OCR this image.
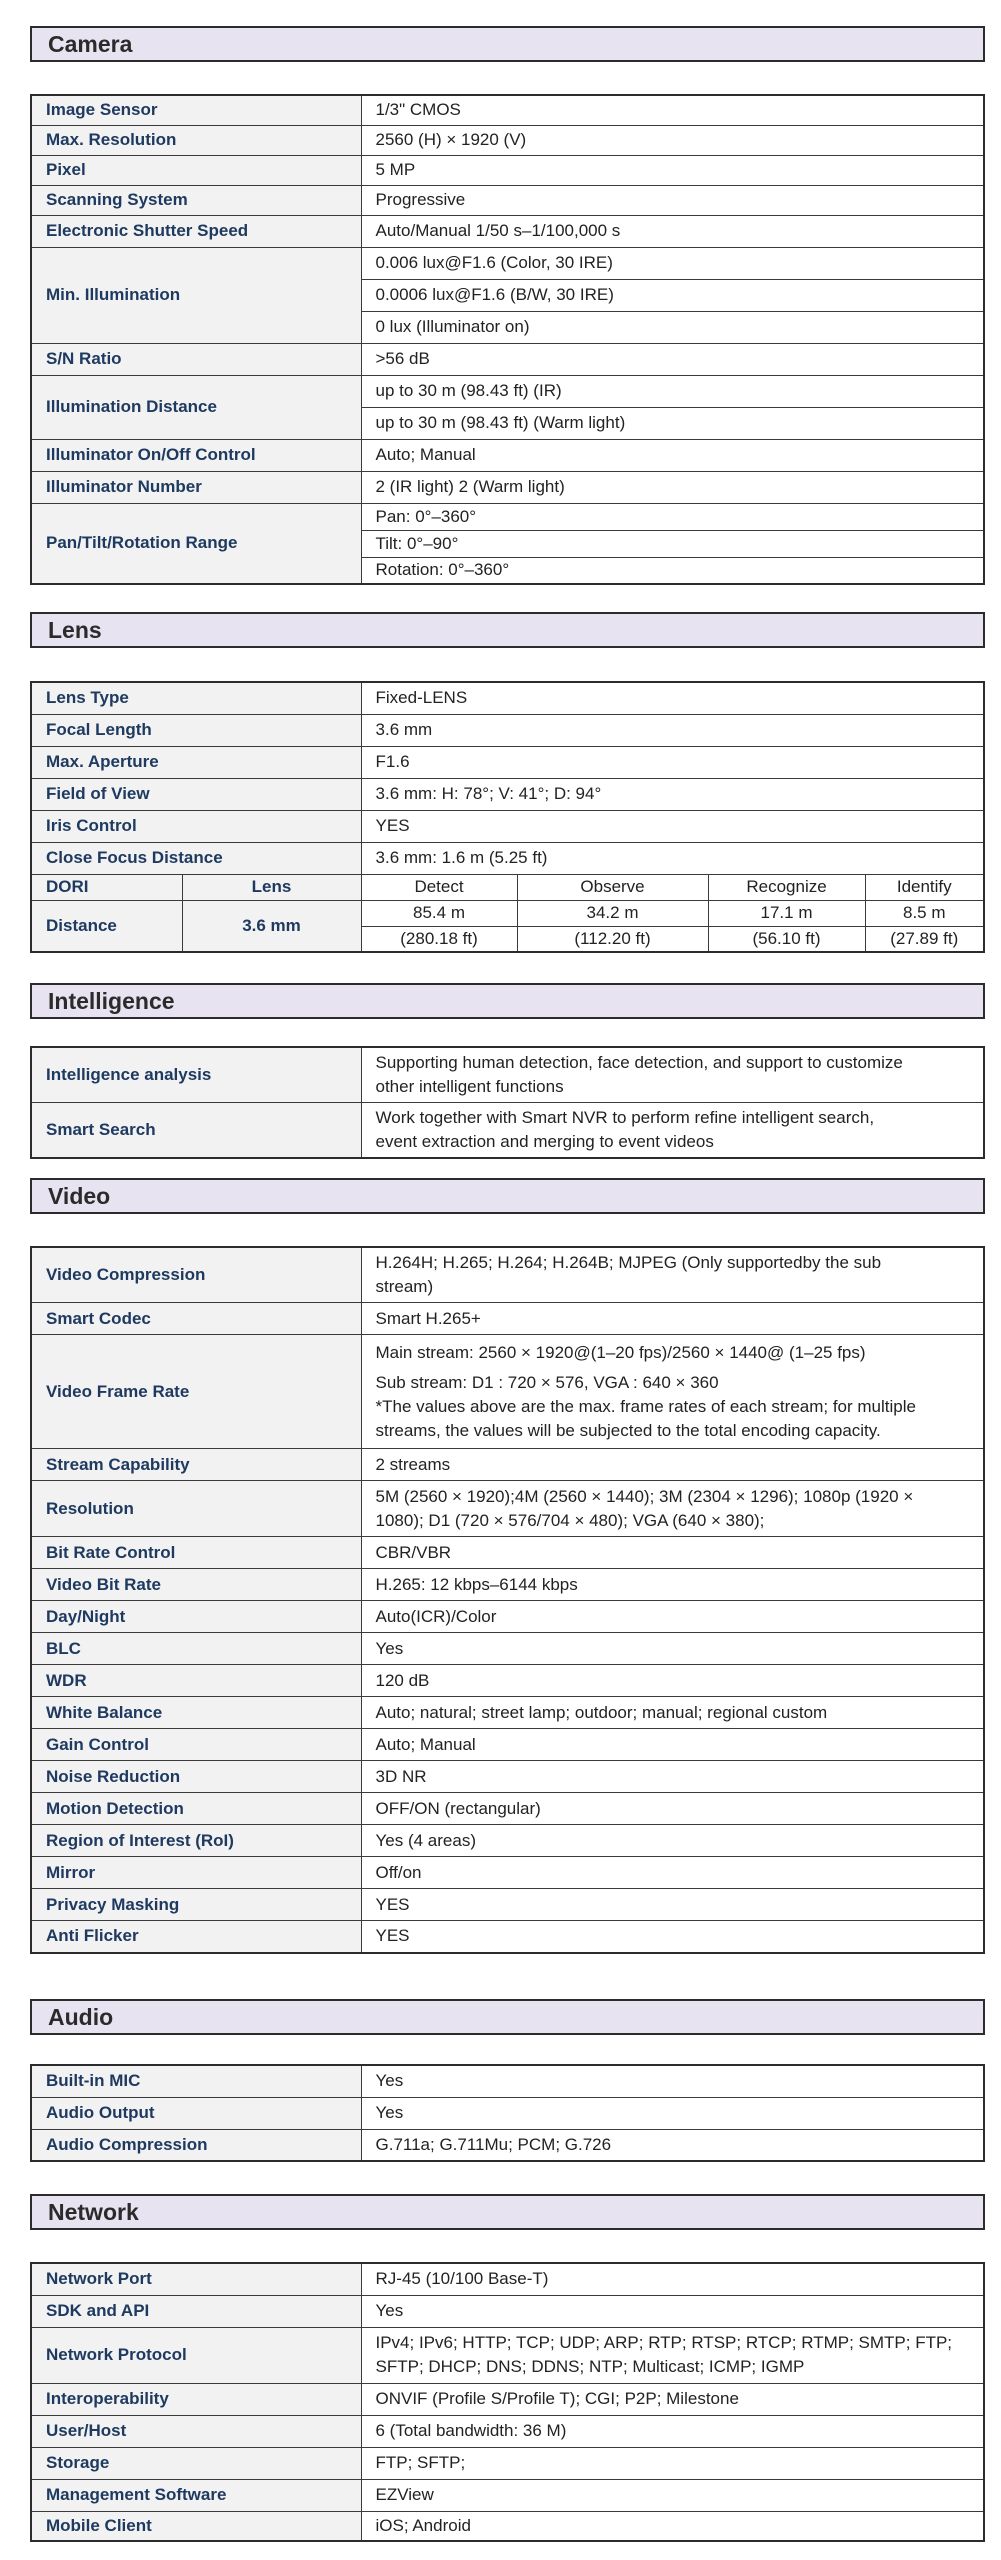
Camera
Image Sensor	1/3" CMOS
Max. Resolution	2560 (H) × 1920 (V)
Pixel	5 MP
Scanning System	Progressive
Electronic Shutter Speed	Auto/Manual 1/50 s–1/100,000 s
Min. Illumination	0.006 lux@F1.6 (Color, 30 IRE)
	0.0006 lux@F1.6 (B/W, 30 IRE)
	0 lux (Illuminator on)
S/N Ratio	>56 dB
Illumination Distance	up to 30 m (98.43 ft) (IR)
	up to 30 m (98.43 ft) (Warm light)
Illuminator On/Off Control	Auto; Manual
Illuminator Number	2 (IR light) 2 (Warm light)
Pan/Tilt/Rotation Range	Pan: 0°–360°
	Tilt: 0°–90°
	Rotation: 0°–360°
Lens
Lens Type		Fixed-LENS			
Focal Length		3.6 mm			
Max. Aperture		F1.6			
Field of View		3.6 mm: H: 78°; V: 41°; D: 94°			
Iris Control		YES			
Close Focus Distance		3.6 mm: 1.6 m (5.25 ft)			
DORI	Lens	Detect	Observe	Recognize	Identify
Distance	3.6 mm	85.4 m	34.2 m	17.1 m	8.5 m
		(280.18 ft)	(112.20 ft)	(56.10 ft)	(27.89 ft)
Intelligence
Intelligence analysis	Supporting human detection, face detection, and support to customize
other intelligent functions

Smart Search	Work together with Smart NVR to perform refine intelligent search,
event extraction and merging to event videos
Video
Video Compression	H.264H; H.265; H.264; H.264B; MJPEG (Only supportedby the sub
stream)

Smart Codec	Smart H.265+
Video Frame Rate	Main stream: 2560 × 1920@(1–20 fps)/2560 × 1440@ (1–25 fps)
Sub stream: D1 : 720 × 576, VGA : 640 × 360
*The values above are the max. frame rates of each stream; for multiple
streams, the values will be subjected to the total encoding capacity.

Stream Capability	2 streams
Resolution	5M (2560 × 1920);4M (2560 × 1440); 3M (2304 × 1296); 1080p (1920 ×
1080); D1 (720 × 576/704 × 480); VGA (640 × 380);

Bit Rate Control	CBR/VBR
Video Bit Rate	H.265: 12 kbps–6144 kbps
Day/Night	Auto(ICR)/Color
BLC	Yes
WDR	120 dB
White Balance	Auto; natural; street lamp; outdoor; manual; regional custom
Gain Control	Auto; Manual
Noise Reduction	3D NR
Motion Detection	OFF/ON (rectangular)
Region of Interest (RoI)	Yes (4 areas)
Mirror	Off/on
Privacy Masking	YES
Anti Flicker	YES
Audio
Built-in MIC	Yes
Audio Output	Yes
Audio Compression	G.711a; G.711Mu; PCM; G.726
Network
Network Port	RJ-45 (10/100 Base-T)
SDK and API	Yes
Network Protocol	IPv4; IPv6; HTTP; TCP; UDP; ARP; RTP; RTSP; RTCP; RTMP; SMTP; FTP;
SFTP; DHCP; DNS; DDNS; NTP; Multicast; ICMP; IGMP

Interoperability	ONVIF (Profile S/Profile T); CGI; P2P; Milestone
User/Host	6 (Total bandwidth: 36 M)
Storage	FTP; SFTP;
Management Software	EZView
Mobile Client	iOS; Android
